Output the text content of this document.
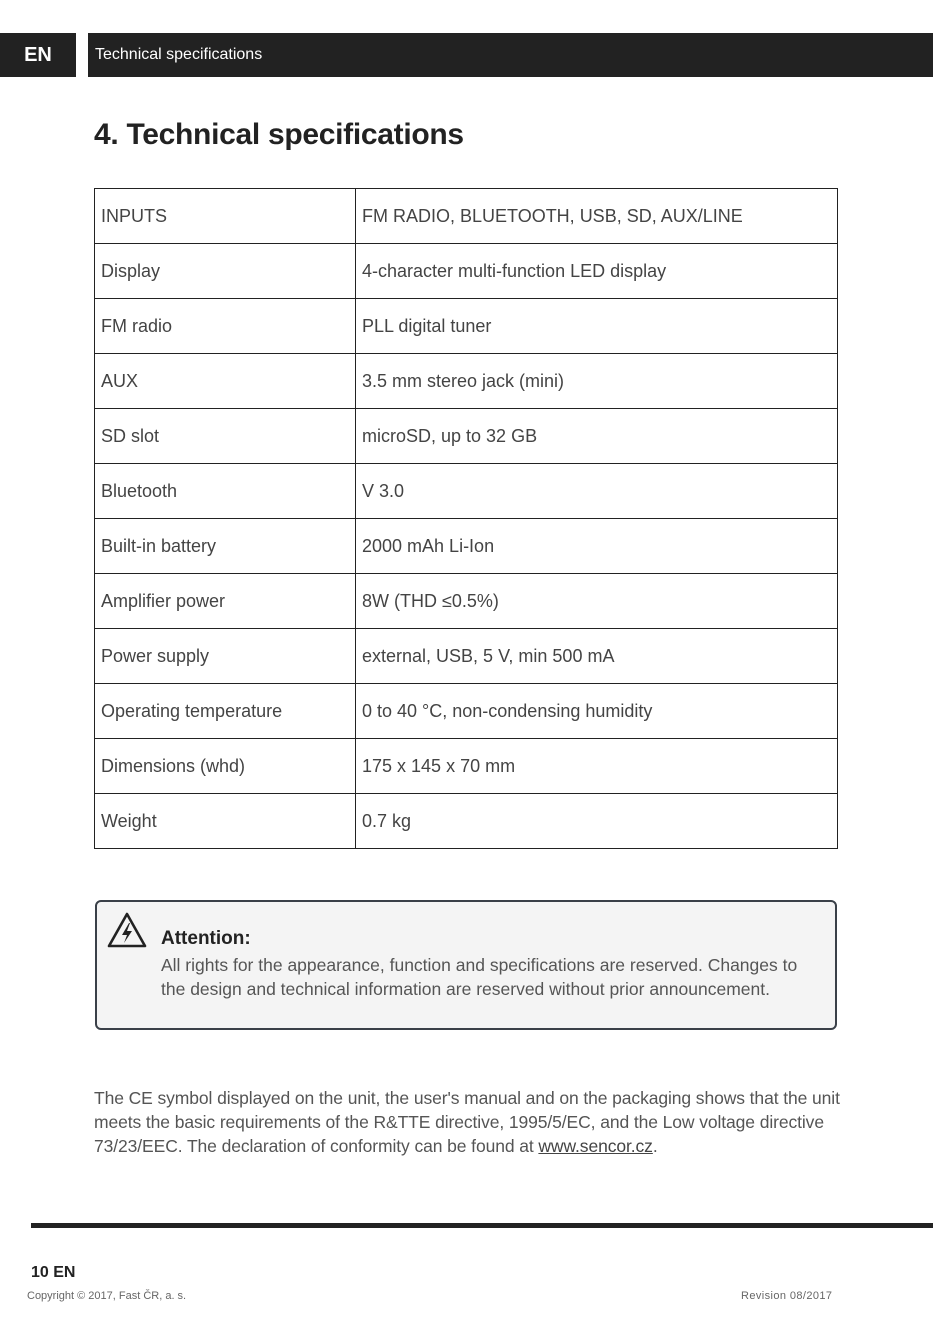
EN	Technical specifications
4. Technical specifications
INPUTS	FM RADIO, BLUETOOTH, USB, SD, AUX/LINE
Display	4-character multi-function LED display
FM radio	PLL digital tuner
AUX	3.5 mm stereo jack (mini)
SD slot	microSD, up to 32 GB
Bluetooth	V 3.0
Built-in battery	2000 mAh Li-Ion
Amplifier power	8W (THD ≤0.5%)
Power supply	external, USB, 5 V, min 500 mA
Operating temperature	0 to 40 °C, non-condensing humidity
Dimensions (whd)	175 x 145 x 70 mm
Weight	0.7 kg
Attention:
All rights for the appearance, function and specifications are reserved. Changes to the design and technical information are reserved without prior announcement.

The CE symbol displayed on the unit, the user's manual and on the packaging shows that the unit meets the basic requirements of the R&TTE directive, 1995/5/EC, and the Low voltage directive 73/23/EEC. The declaration of conformity can be found at www.sencor.cz.

10 EN
Copyright © 2017, Fast ČR, a. s.	Revision 08/2017
